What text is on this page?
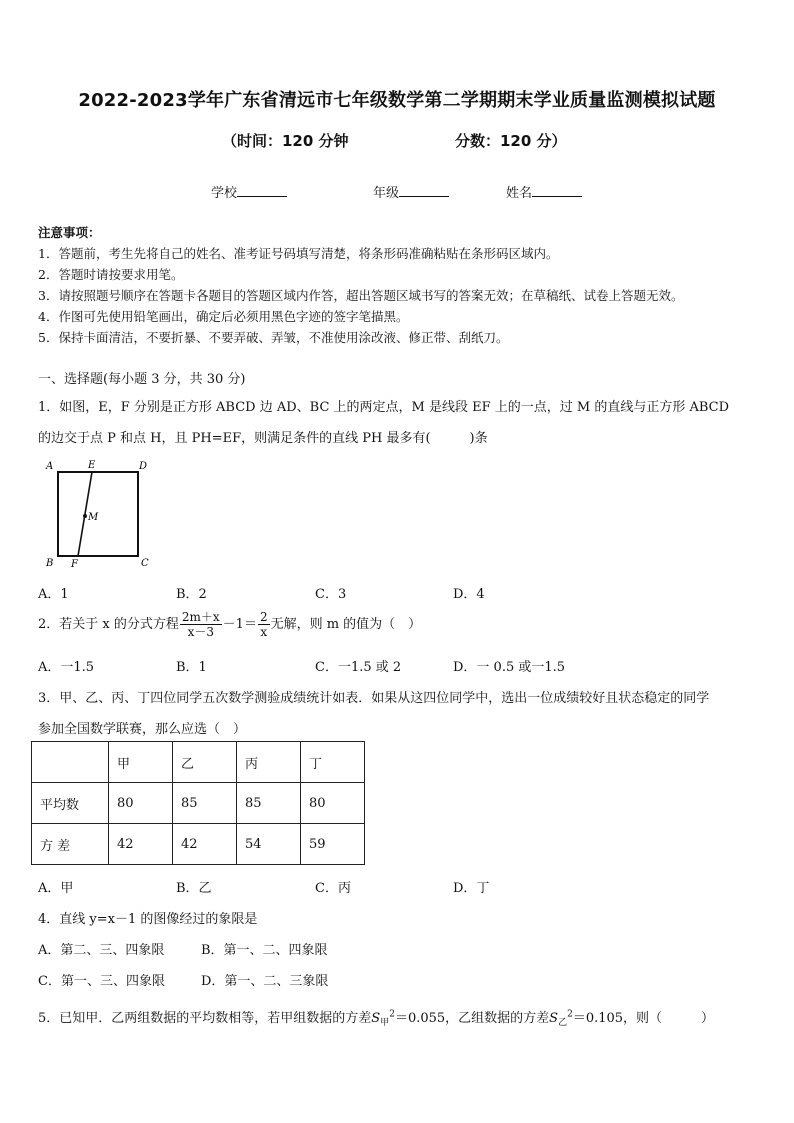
2022-2023学年广东省清远市七年级数学第二学期期末学业质量监测模拟试题
（时间：120 分钟	分数：120 分）
学校	年级	姓名
注意事项：
1．答题前，考生先将自己的姓名、准考证号码填写清楚，将条形码准确粘贴在条形码区域内。
2．答题时请按要求用笔。
3．请按照题号顺序在答题卡各题目的答题区域内作答，超出答题区域书写的答案无效；在草稿纸、试卷上答题无效。
4．作图可先使用铅笔画出，确定后必须用黑色字迹的签字笔描黑。
5．保持卡面清洁，不要折暴、不要弄破、弄皱，不准使用涂改液、修正带、刮纸刀。
一、选择题(每小题 3 分，共 30 分)
1．如图，E，F 分别是正方形 ABCD 边 AD、BC 上的两定点，M 是线段 EF 上的一点，过 M 的直线与正方形 ABCD
的边交于点 P 和点 H，且 PH=EF，则满足条件的直线 PH 最多有(　　　)条
A	E	D
M
B F	C
A．1	B．2	C．3	D．4
2．若关于 x 的分式方程 $\frac{2m+x}{x-3} -1= \frac{2}{x}$ 无解，则 m 的值为（　）
A．一1.5	B．1	C．一1.5 或 2	D．一 0.5 或一1.5
3．甲、乙、丙、丁四位同学五次数学测验成绩统计如表．如果从这四位同学中，选出一位成绩较好且状态稳定的同学
参加全国数学联赛，那么应选（　）
	甲	乙	丙	丁
平均数	80	85	85	80
方 差	42	42	54	59
A．甲	B．乙	C．丙	D．丁
4．直线 y=x－1 的图像经过的象限是
A．第二、三、四象限	B．第一、二、四象限
C．第一、三、四象限	D．第一、二、三象限
5．已知甲．乙两组数据的平均数相等，若甲组数据的方差$S_甲^2=0.055$，乙组数据的方差$S_乙^2=0.105$，则（　　　）
